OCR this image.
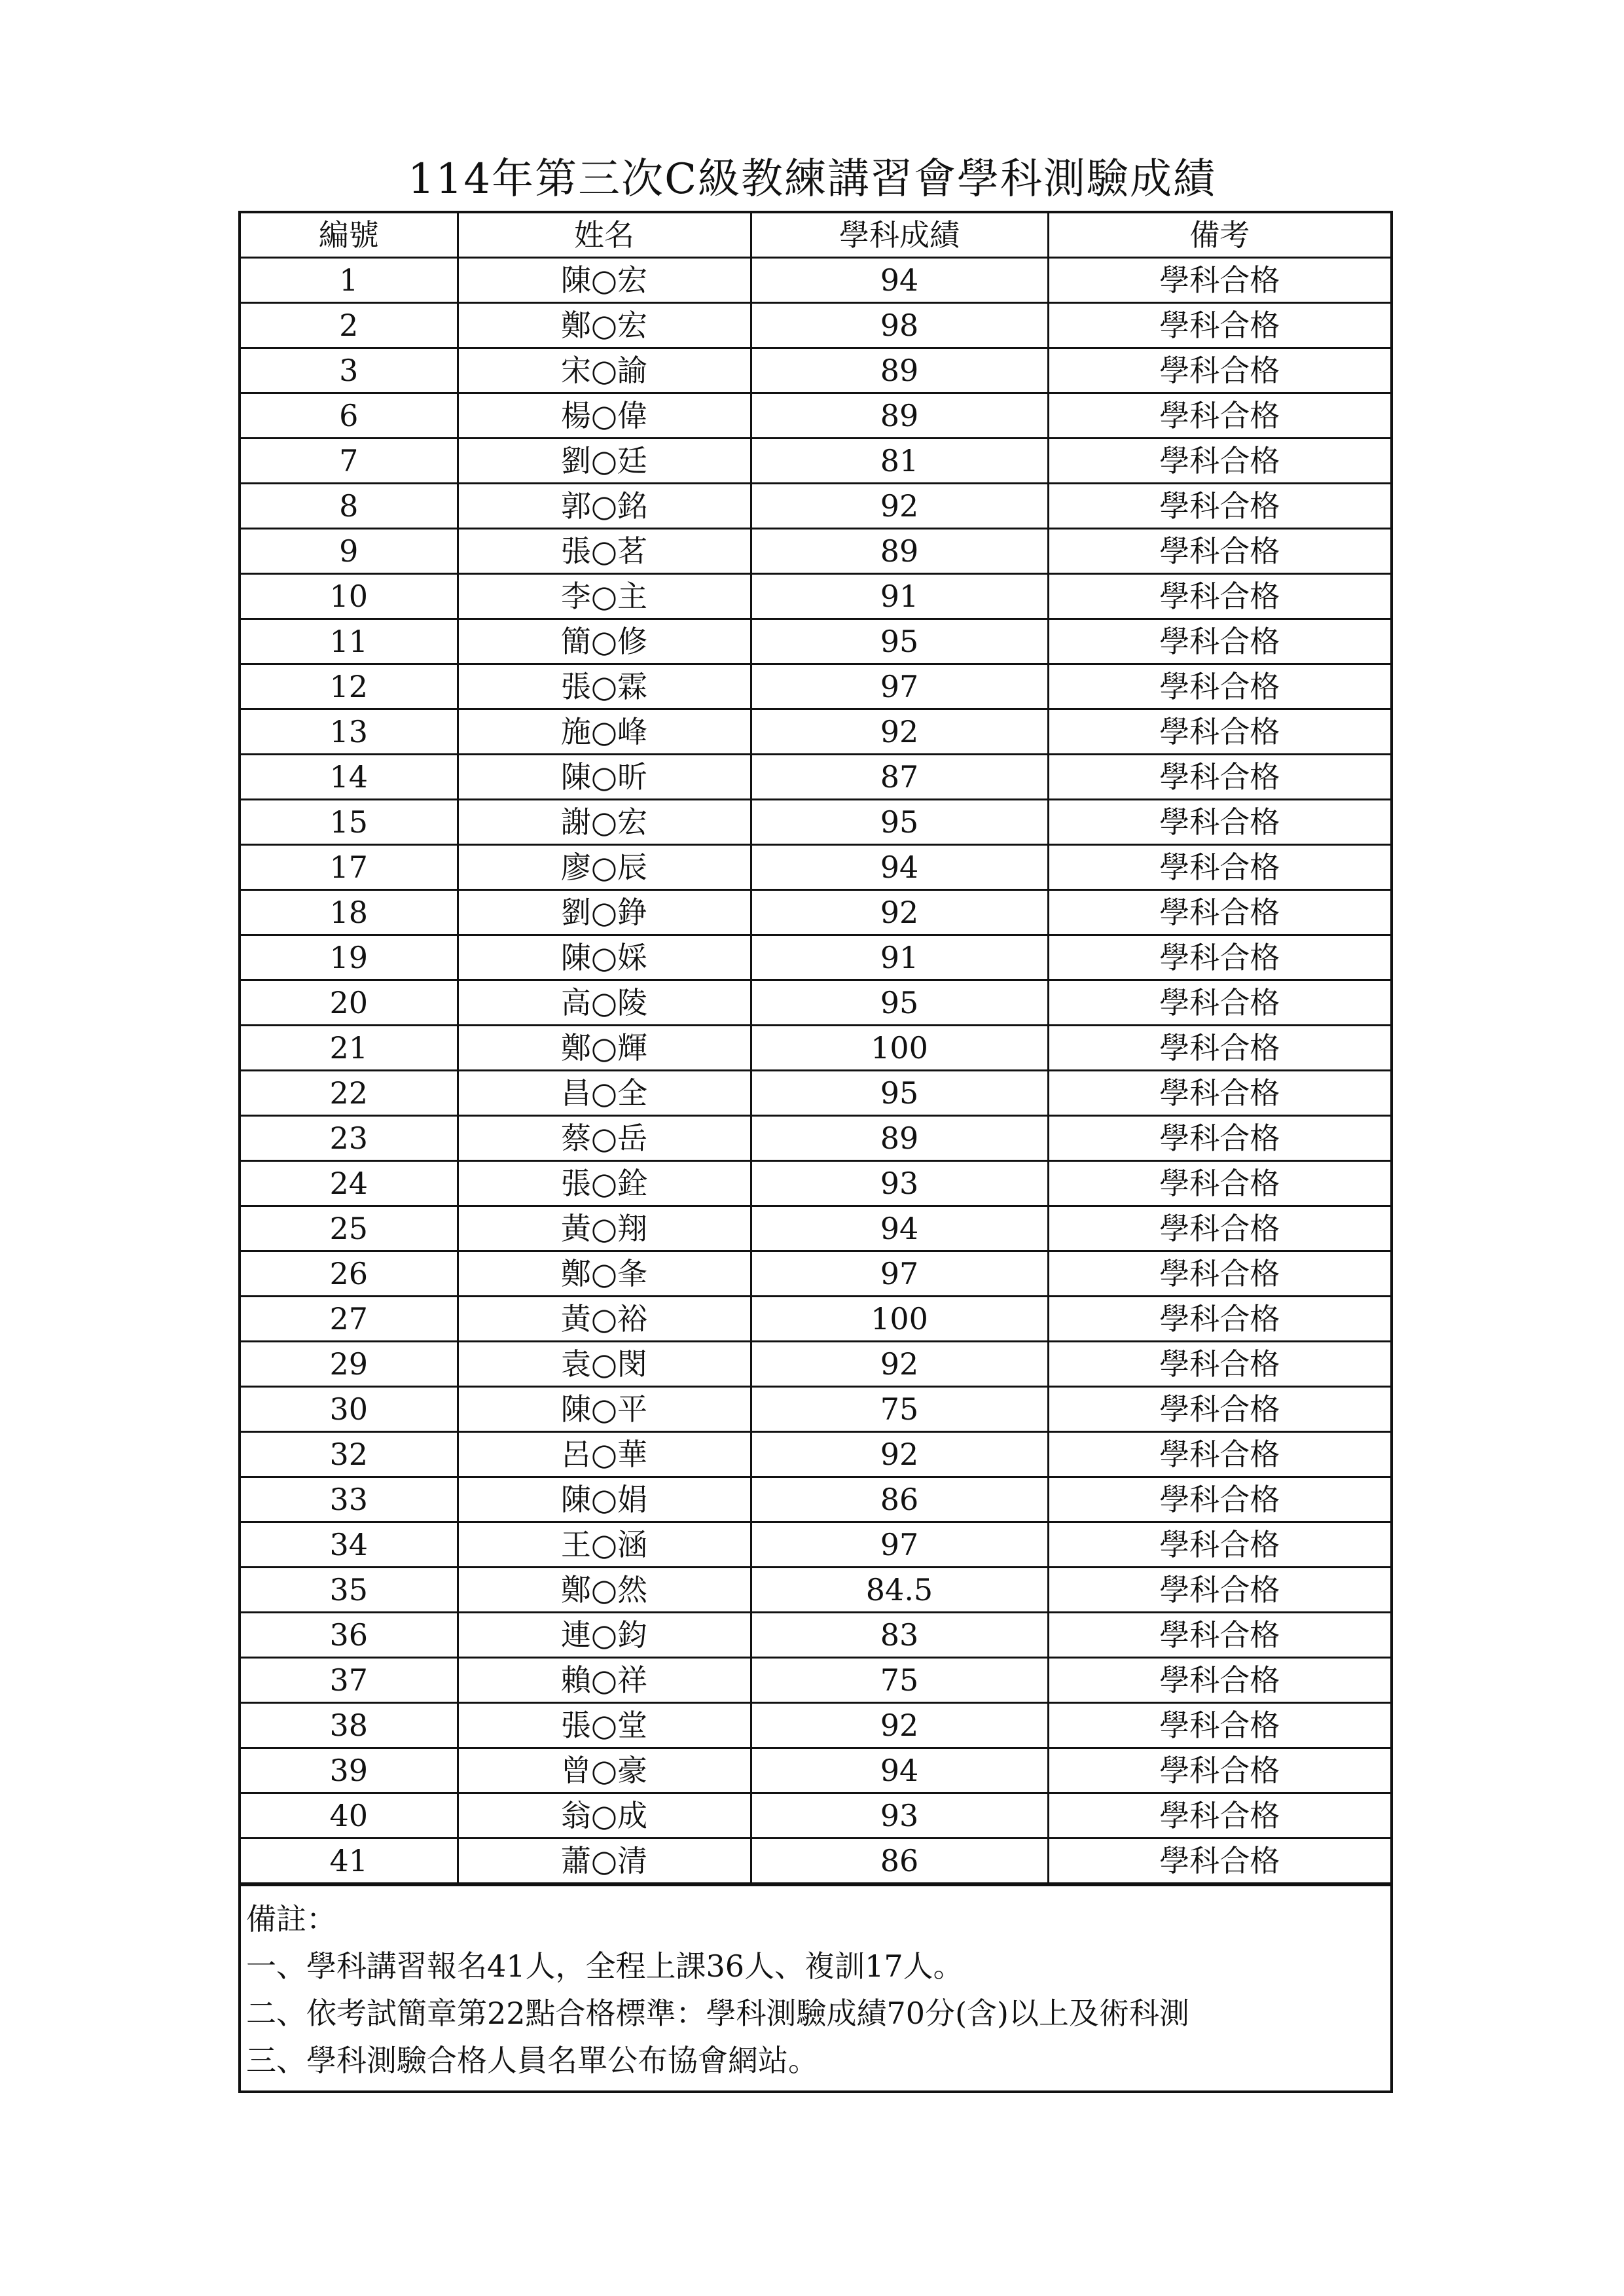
114年第三次C級教練講習會學科測驗成績
編號	姓名	學科成績	備考
1	陳○宏	94	學科合格
2	鄭○宏	98	學科合格
3	宋○諭	89	學科合格
6	楊○偉	89	學科合格
7	劉○廷	81	學科合格
8	郭○銘	92	學科合格
9	張○茗	89	學科合格
10	李○主	91	學科合格
11	簡○修	95	學科合格
12	張○霖	97	學科合格
13	施○峰	92	學科合格
14	陳○昕	87	學科合格
15	謝○宏	95	學科合格
17	廖○辰	94	學科合格
18	劉○錚	92	學科合格
19	陳○婇	91	學科合格
20	高○陵	95	學科合格
21	鄭○輝	100	學科合格
22	昌○全	95	學科合格
23	蔡○岳	89	學科合格
24	張○銓	93	學科合格
25	黃○翔	94	學科合格
26	鄭○夆	97	學科合格
27	黃○裕	100	學科合格
29	袁○閔	92	學科合格
30	陳○平	75	學科合格
32	呂○華	92	學科合格
33	陳○娟	86	學科合格
34	王○涵	97	學科合格
35	鄭○然	84.5	學科合格
36	連○鈞	83	學科合格
37	賴○祥	75	學科合格
38	張○堂	92	學科合格
39	曾○豪	94	學科合格
40	翁○成	93	學科合格
41	蕭○清	86	學科合格
備註：
一、學科講習報名41人，全程上課36人、複訓17人。
二、依考試簡章第22點合格標準：學科測驗成績70分(含)以上及術科測
三、學科測驗合格人員名單公布協會網站。
